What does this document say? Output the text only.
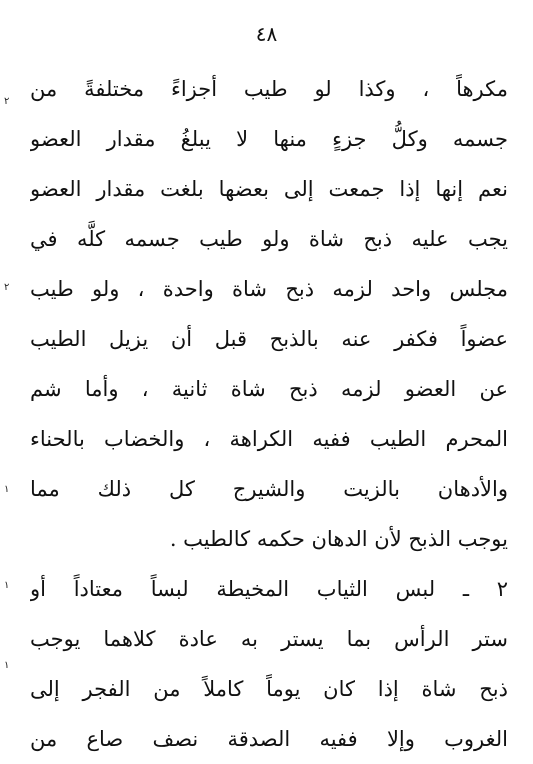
٤٨
٢
٢
١
١
١
مكرهاً ، وكذا لو طيب أجزاءً مختلفةً من
جسمه وكلُّ جزءٍ منها لا يبلغُ مقدار العضو
نعم إنها إذا جمعت إلى بعضها بلغت مقدار العضو
يجب عليه ذبح شاة ولو طيب جسمه كلَّه في
مجلس واحد لزمه ذبح شاة واحدة ، ولو طيب
عضواً فكفر عنه بالذبح قبل أن يزيل الطيب
عن العضو لزمه ذبح شاة ثانية ، وأما شم
المحرم الطيب ففيه الكراهة ، والخضاب بالحناء
والأدهان بالزيت والشيرج كل ذلك مما
يوجب الذبح لأن الدهان حكمه كالطيب .
٢ ـ لبس الثياب المخيطة لبساً معتاداً أو
ستر الرأس بما يستر به عادة كلاهما يوجب
ذبح شاة إذا كان يوماً كاملاً من الفجر إلى
الغروب وإلا ففيه الصدقة نصف صاع من
